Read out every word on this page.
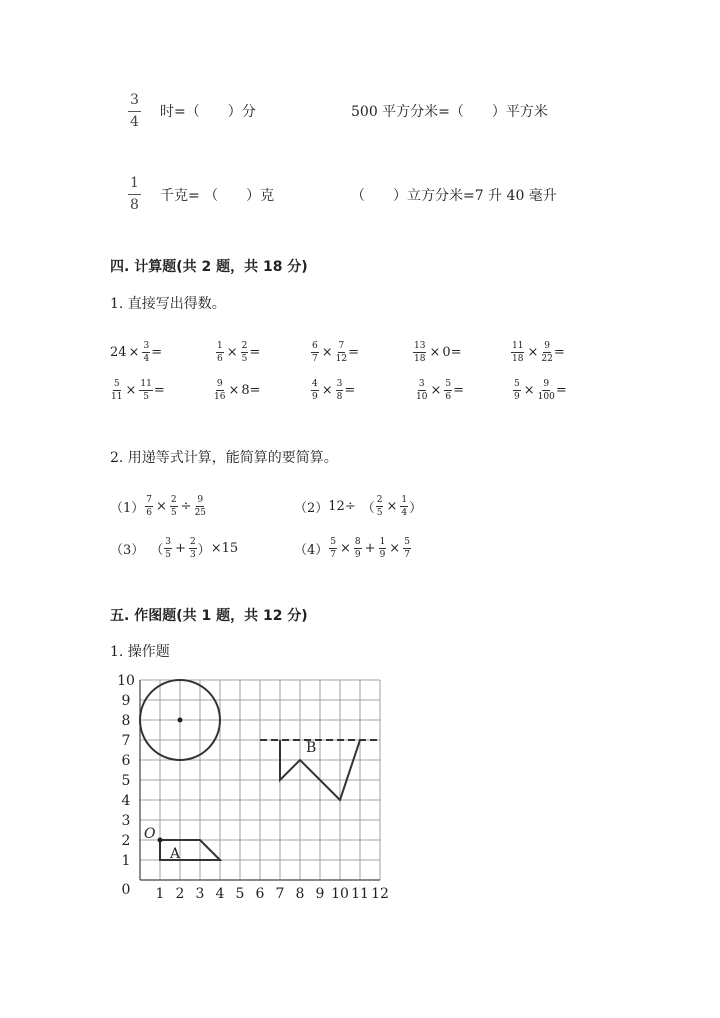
3
4
时=（　　）分	500 平方分米=（　　）平方米
1
8
千克= （　　）克	（　　）立方分米=7 升 40 毫升
四. 计算题(共 2 题，共 18 分)
1. 直接写出得数。
$24 \times \frac{3}{4}$ =	$\frac{1}{6} \times \frac{2}{5}$ =	$\frac{6}{7} \times \frac{7}{12}$ =	$\frac{13}{18} \times 0$ =	$\frac{11}{18} \times \frac{9}{22}$ =
$\frac{5}{11} \times \frac{11}{5}$ =	$\frac{9}{16} \times 8$ =	$\frac{4}{9} \times \frac{3}{8}$ =	$\frac{3}{10} \times \frac{5}{6}$ =	$\frac{5}{9} \times \frac{9}{100}$ =
2. 用递等式计算，能简算的要简算。
$(1) \frac{7}{6} \times \frac{2}{5} \div \frac{9}{25}$	（2） 12÷ （ $\frac{2}{5} \times \frac{1}{4}$ ）
（3） （ $\frac{3}{5} + \frac{2}{3}$ ） ×15	$(4) \frac{5}{7} \times \frac{8}{9} + \frac{1}{9} \times \frac{5}{7}$
五. 作图题(共 1 题，共 12 分)
1. 操作题
1 2 3 4 5 6 7 8 9 10 11 12
1
2
3
4
5
6
7
8
9
10
0
A
O
B
